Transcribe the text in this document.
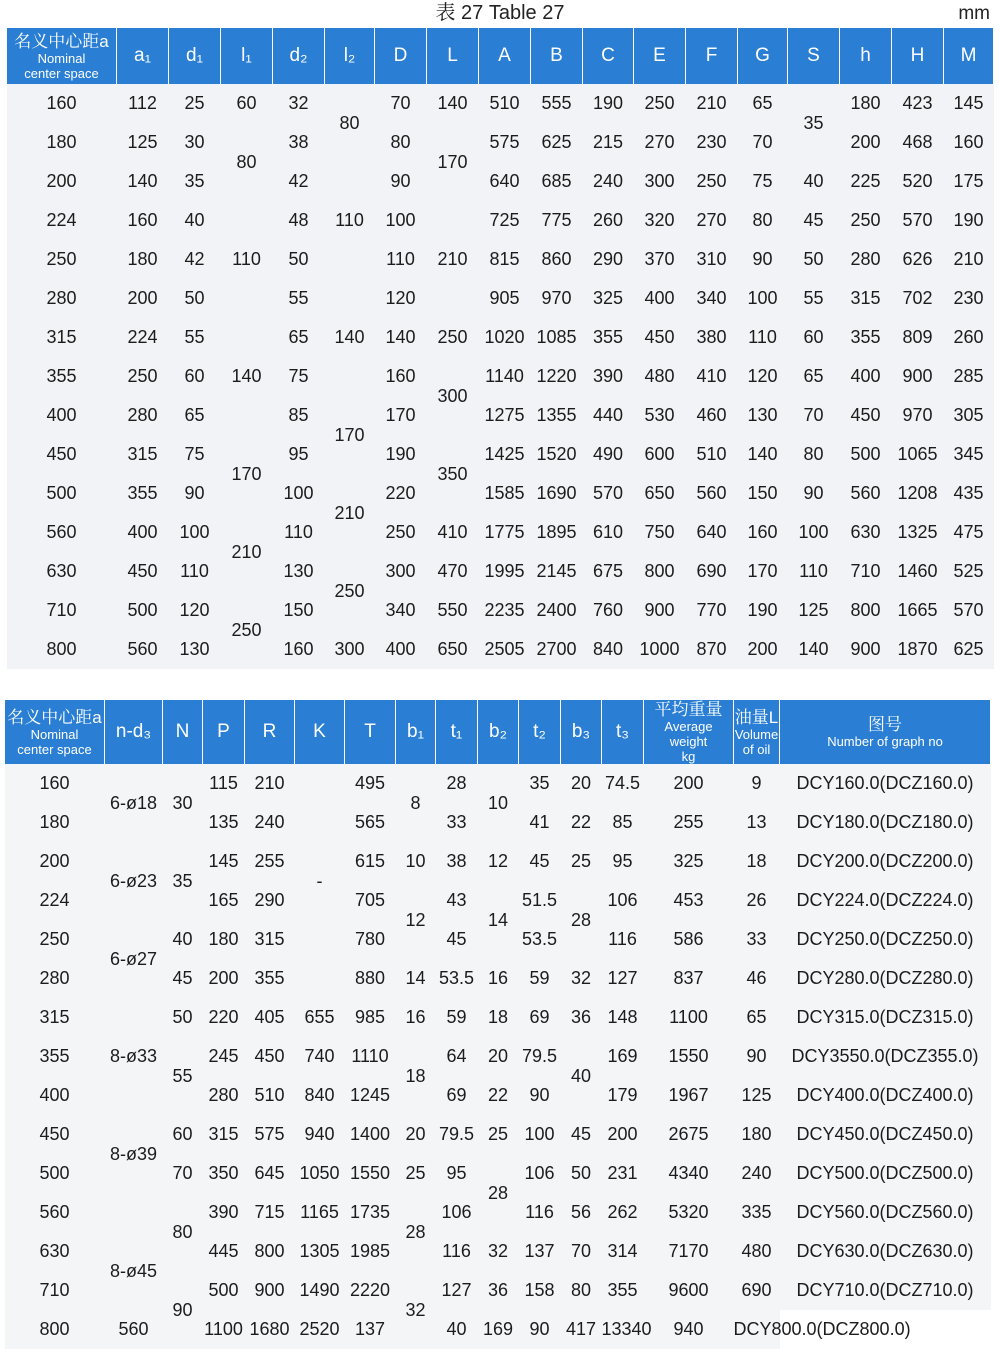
表 27 Table 27	mm
名义中心距a
Nominal
center space	a₁	d₁	l₁	d₂	l₂	D	L	A	B	C	E	F	G	S	h	H	M
160	112	25	60	32	80	70	140	510	555	190	250	210	65	35	180	423	145
180	125	30	80	38		80	170	575	625	215	270	230	70		200	468	160
200	140	35		42	110	90		640	685	240	300	250	75	40	225	520	175
224	160	40	110	48		100	210	725	775	260	320	270	80	45	250	570	190
250	180	42		50		110		815	860	290	370	310	90	50	280	626	210
280	200	50		55	140	120		905	970	325	400	340	100	55	315	702	230
315	224	55	140	65		140	250	1020	1085	355	450	380	110	60	355	809	260
355	250	60		75		160	300	1140	1220	390	480	410	120	65	400	900	285
400	280	65		85	170	170		1275	1355	440	530	460	130	70	450	970	305
450	315	75	170	95		190	350	1425	1520	490	600	510	140	80	500	1065	345
500	355	90		100	210	220		1585	1690	570	650	560	150	90	560	1208	435
560	400	100	210	110		250	410	1775	1895	610	750	640	160	100	630	1325	475
630	450	110		130	250	300	470	1995	2145	675	800	690	170	110	710	1460	525
710	500	120	250	150		340	550	2235	2400	760	900	770	190	125	800	1665	570
800	560	130		160	300	400	650	2505	2700	840	1000	870	200	140	900	1870	625
名义中心距a
Nominal
center space	n-d₃	N	P	R	K	T	b₁	t₁	b₂	t₂	b₃	t₃	平均重量
Average weight
kg	油量L
Volume
of oil	图号
Number of graph no

160	6-ø18	30	115	210	-	495	8	28	10	35	20	74.5	200	9	DCY160.0(DCZ160.0)
180			135	240		565		33		41	22	85	255	13	DCY180.0(DCZ180.0)
200	6-ø23	35	145	255		615	10	38	12	45	25	95	325	18	DCY200.0(DCZ200.0)
224			165	290		705	12	43	14	51.5	28	106	453	26	DCY224.0(DCZ224.0)
250	6-ø27	40	180	315		780		45		53.5		116	586	33	DCY250.0(DCZ250.0)
280		45	200	355		880	14	53.5	16	59	32	127	837	46	DCY280.0(DCZ280.0)
315	8-ø33	50	220	405	655	985	16	59	18	69	36	148	1100	65	DCY315.0(DCZ315.0)
355		55	245	450	740	1110	18	64	20	79.5	40	169	1550	90	DCY3550.0(DCZ355.0)
400			280	510	840	1245		69	22	90		179	1967	125	DCY400.0(DCZ400.0)
450	8-ø39	60	315	575	940	1400	20	79.5	25	100	45	200	2675	180	DCY450.0(DCZ450.0)
500		70	350	645	1050	1550	25	95	28	106	50	231	4340	240	DCY500.0(DCZ500.0)
560		80	390	715	1165	1735	28	106		116	56	262	5320	335	DCY560.0(DCZ560.0)
630	8-ø45		445	800	1305	1985		116	32	137	70	314	7170	480	DCY630.0(DCZ630.0)
710		90	500	900	1490	2220	32	127	36	158	80	355	9600	690	DCY710.0(DCZ710.0)
800	560		1100	1680	2520	137		40	169	90	417	13340	940	DCY800.0(DCZ800.0)	
